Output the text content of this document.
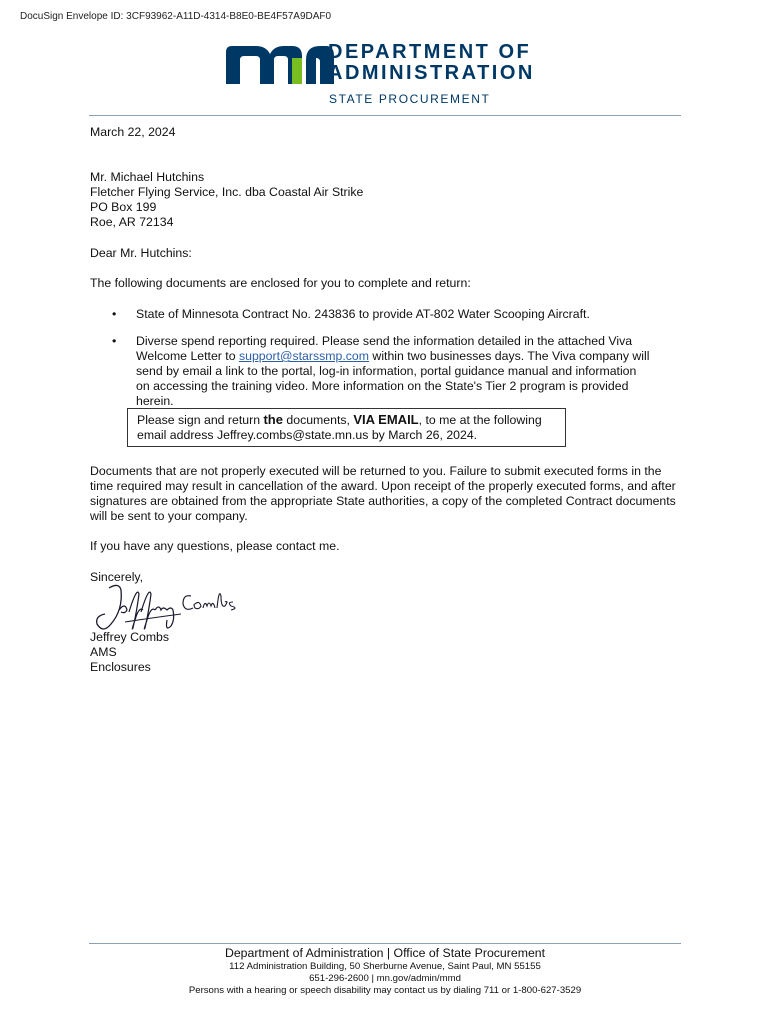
DocuSign Envelope ID: 3CF93962-A11D-4314-B8E0-BE4F57A9DAF0
DEPARTMENT OF
ADMINISTRATION
STATE PROCUREMENT
March 22, 2024
Mr. Michael Hutchins
Fletcher Flying Service, Inc. dba Coastal Air Strike
PO Box 199
Roe, AR 72134
Dear Mr. Hutchins:
The following documents are enclosed for you to complete and return:
• State of Minnesota Contract No. 243836 to provide AT-802 Water Scooping Aircraft.
• Diverse spend reporting required. Please send the information detailed in the attached Viva Welcome Letter to support@starssmp.com within two businesses days. The Viva company will send by email a link to the portal, log-in information, portal guidance manual and information on accessing the training video. More information on the State's Tier 2 program is provided herein.
Please sign and return the documents, VIA EMAIL, to me at the following email address Jeffrey.combs@state.mn.us by March 26, 2024.
Documents that are not properly executed will be returned to you. Failure to submit executed forms in the time required may result in cancellation of the award. Upon receipt of the properly executed forms, and after signatures are obtained from the appropriate State authorities, a copy of the completed Contract documents will be sent to your company.
If you have any questions, please contact me.
Sincerely,
Jeffrey Combs
AMS
Enclosures
Department of Administration | Office of State Procurement
112 Administration Building, 50 Sherburne Avenue, Saint Paul, MN 55155
651-296-2600 | mn.gov/admin/mmd
Persons with a hearing or speech disability may contact us by dialing 711 or 1-800-627-3529
